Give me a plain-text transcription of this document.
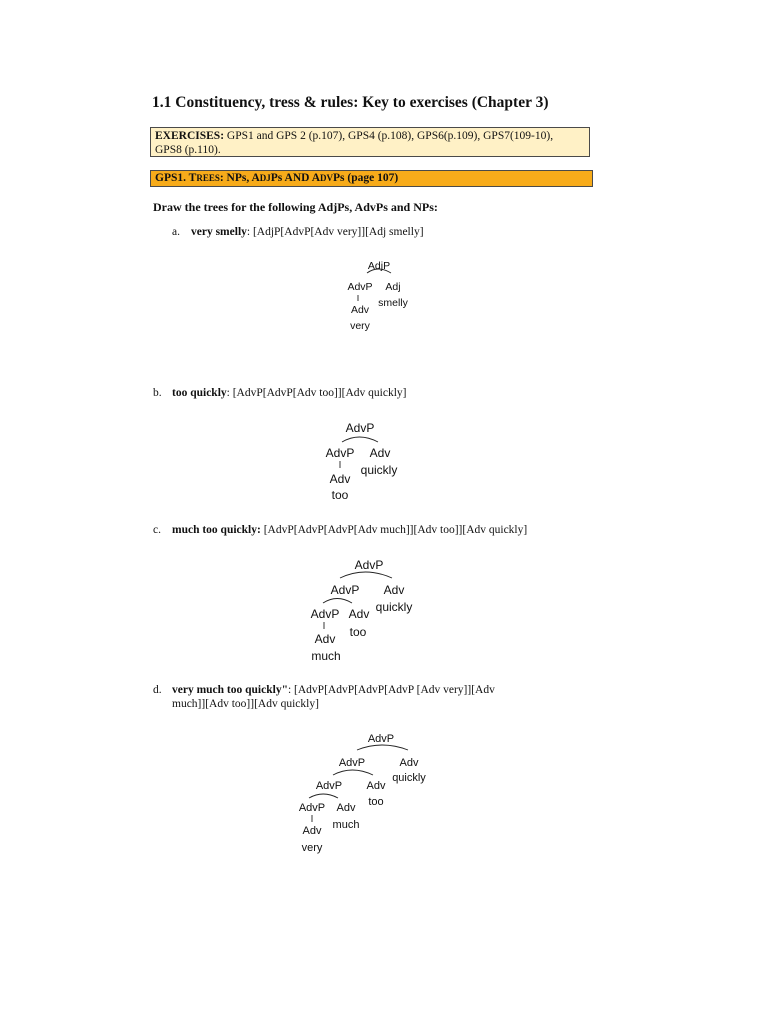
1.1 Constituency, tress & rules: Key to exercises (Chapter 3)
EXERCISES: GPS1 and GPS 2 (p.107), GPS4 (p.108), GPS6(p.109), GPS7(109-10),
GPS8 (p.110).
GPS1. TREES: NPs, ADJPs AND ADVPs (page 107)
Draw the trees for the following AdjPs, AdvPs and NPs:
a. very smelly: [AdjP[AdvP[Adv very]][Adj smelly]
AdjP
AdvP Adj
smelly
Adv
very
b. too quickly: [AdvP[AdvP[Adv too]][Adv quickly]
AdvP
AdvP Adv
quickly
Adv
too
c. much too quickly: [AdvP[AdvP[AdvP[Adv much]][Adv too]][Adv quickly]
AdvP
AdvP Adv
quickly
AdvP Adv
too
Adv
much
d. very much too quickly": [AdvP[AdvP[AdvP[AdvP [Adv very]][Adv
much]][Adv too]][Adv quickly]
AdvP
AdvP	Adv
quickly
AdvP Adv
too
AdvP Adv
much
Adv
very
